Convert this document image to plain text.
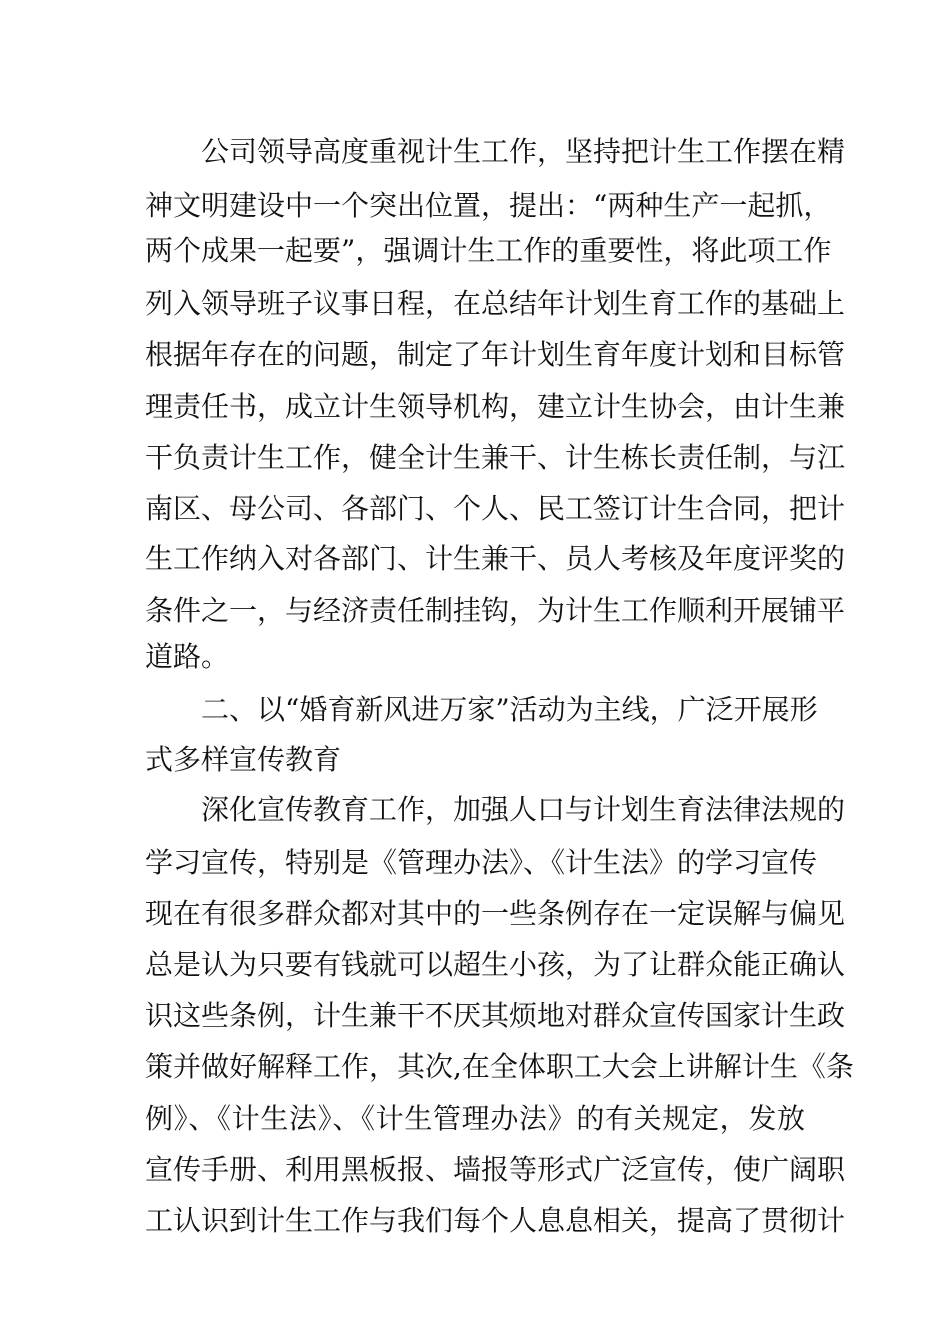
公司领导高度重视计生工作，坚持把计生工作摆在精
神文明建设中一个突出位置，提出：“两种生产一起抓，
两个成果一起要”，强调计生工作的重要性，将此项工作
列入领导班子议事日程，在总结年计划生育工作的基础上
根据年存在的问题，制定了年计划生育年度计划和目标管
理责任书，成立计生领导机构，建立计生协会，由计生兼
干负责计生工作，健全计生兼干、计生栋长责任制，与江
南区、母公司、各部门、个人、民工签订计生合同，把计
生工作纳入对各部门、计生兼干、员人考核及年度评奖的
条件之一，与经济责任制挂钩，为计生工作顺利开展铺平
道路。
二、以“婚育新风进万家”活动为主线，广泛开展形
式多样宣传教育
深化宣传教育工作，加强人口与计划生育法律法规的
学习宣传，特别是《管理办法》、《计生法》的学习宣传
现在有很多群众都对其中的一些条例存在一定误解与偏见
总是认为只要有钱就可以超生小孩，为了让群众能正确认
识这些条例，计生兼干不厌其烦地对群众宣传国家计生政
策并做好解释工作，其次,在全体职工大会上讲解计生《条
例》、《计生法》、《计生管理办法》的有关规定，发放
宣传手册、利用黑板报、墙报等形式广泛宣传，使广阔职
工认识到计生工作与我们每个人息息相关，提高了贯彻计
